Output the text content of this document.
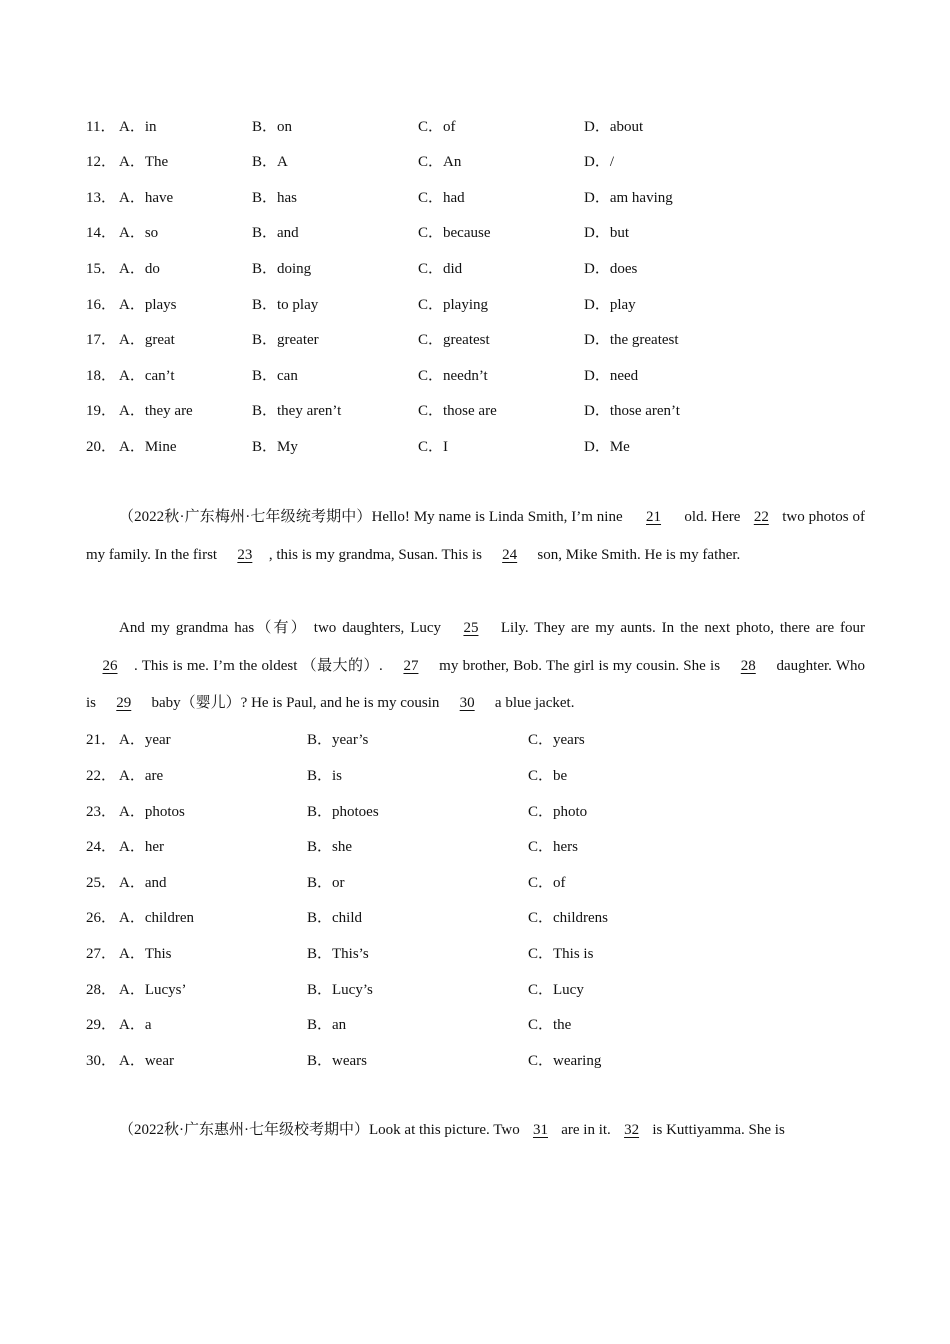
11． A．in	B．on	C．of	D．about
12． A．The	B．A	C．An	D．/
13． A．have	B．has	C．had	D．am having
14． A．so	B．and	C．because	D．but
15． A．do	B．doing	C．did	D．does
16． A．plays	B．to play	C．playing	D．play
17． A．great	B．greater	C．greatest	D．the greatest
18． A．can’t	B．can	C．needn’t	D．need
19． A．they are	B．they aren’t	C．those are	D．those aren’t
20． A．Mine	B．My	C．I	D．Me

（2022秋·广东梅州·七年级统考期中）Hello! My name is Linda Smith, I’m nine 21 old. Here 22 two photos of my family. In the first 23 , this is my grandma, Susan. This is 24 son, Mike Smith. He is my father.

And my grandma has（有） two daughters, Lucy 25 Lily. They are my aunts. In the next photo, there are four 26 . This is me. I’m the oldest （最大的）. 27 my brother, Bob. The girl is my cousin. She is 28 daughter. Who is 29 baby（婴儿）? He is Paul, and he is my cousin 30 a blue jacket.

21． A．year	B．year’s	C．years
22． A．are	B．is	C．be
23． A．photos	B．photoes	C．photo
24． A．her	B．she	C．hers
25． A．and	B．or	C．of
26． A．children	B．child	C．childrens
27． A．This	B．This’s	C．This is
28． A．Lucys’	B．Lucy’s	C．Lucy
29． A．a	B．an	C．the
30． A．wear	B．wears	C．wearing

（2022秋·广东惠州·七年级校考期中）Look at this picture. Two 31 are in it. 32 is Kuttiyamma. She is
